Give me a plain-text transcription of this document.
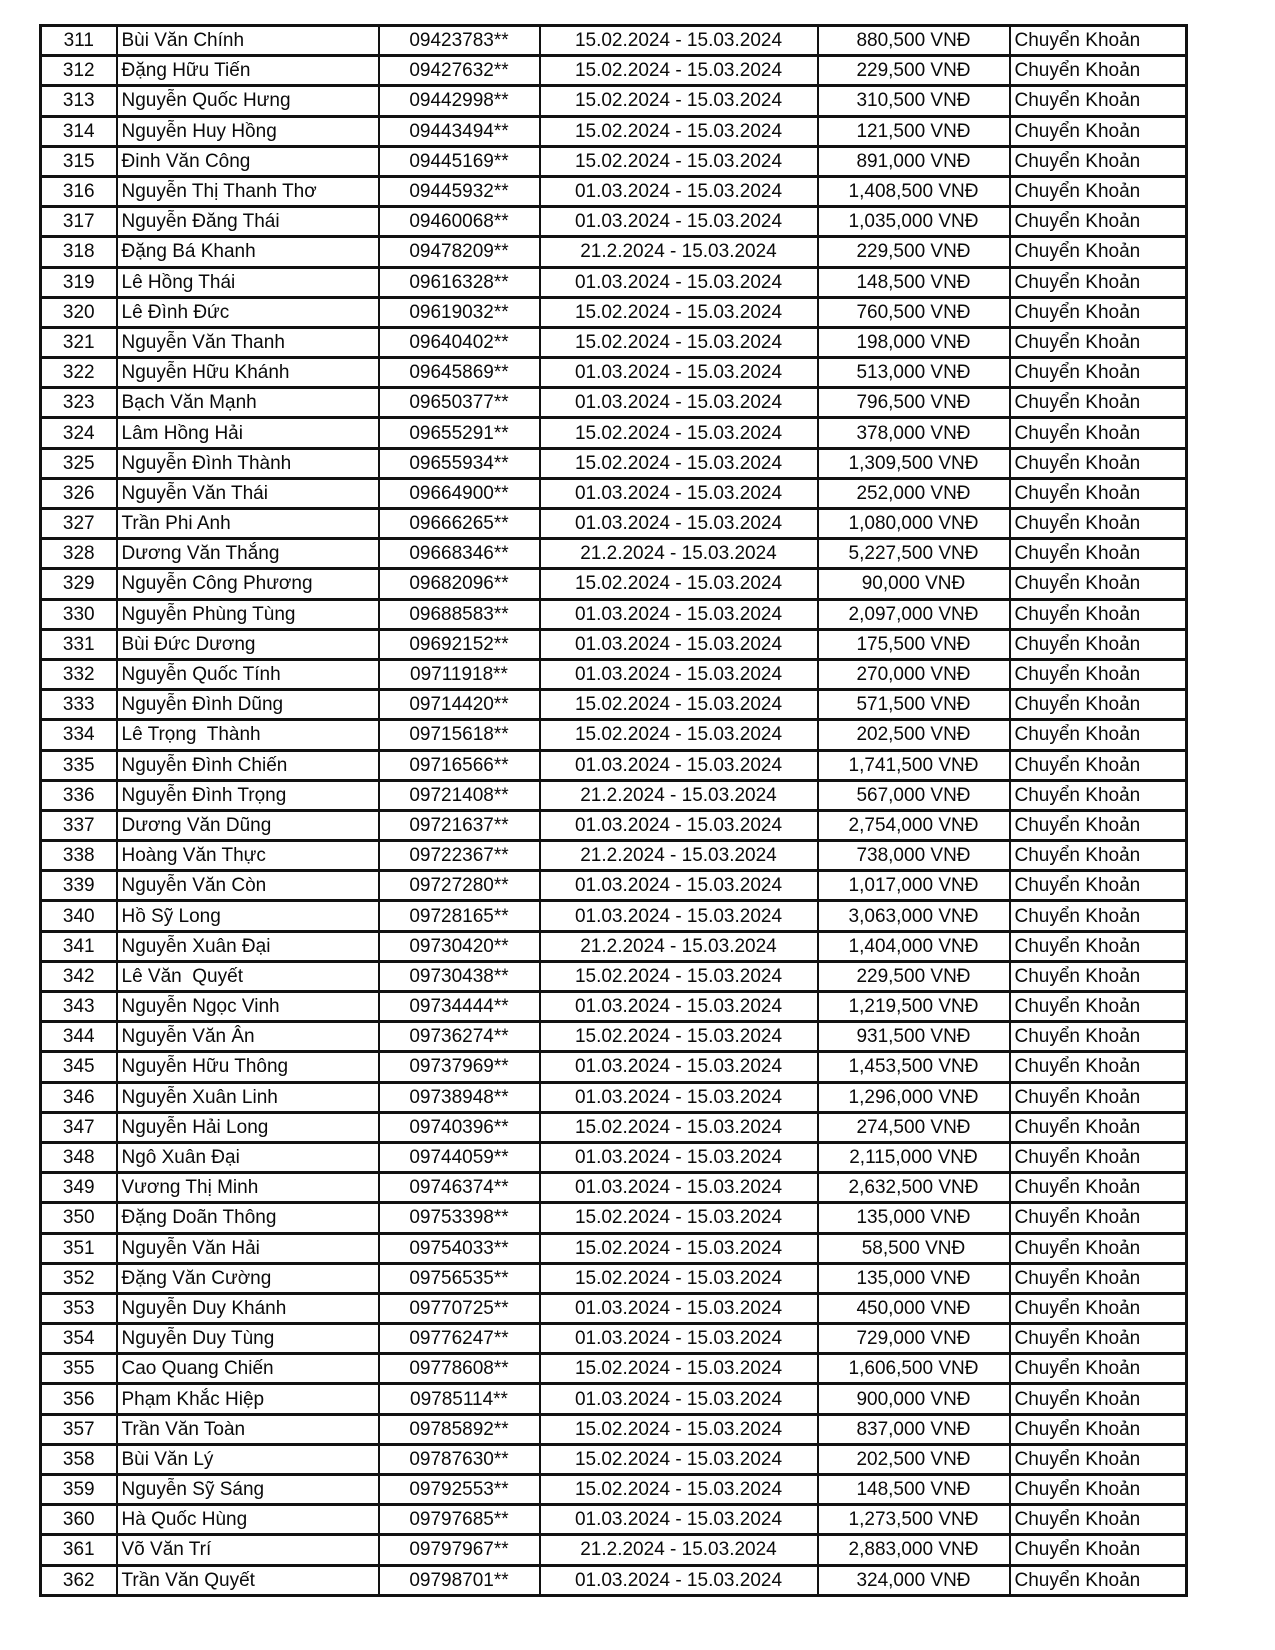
311	Bùi Văn Chính	09423783**	15.02.2024 - 15.03.2024	880,500 VNĐ	Chuyển Khoản
312	Đặng Hữu Tiến	09427632**	15.02.2024 - 15.03.2024	229,500 VNĐ	Chuyển Khoản
313	Nguyễn Quốc Hưng	09442998**	15.02.2024 - 15.03.2024	310,500 VNĐ	Chuyển Khoản
314	Nguyễn Huy Hồng	09443494**	15.02.2024 - 15.03.2024	121,500 VNĐ	Chuyển Khoản
315	Đinh Văn Công	09445169**	15.02.2024 - 15.03.2024	891,000 VNĐ	Chuyển Khoản
316	Nguyễn Thị Thanh Thơ	09445932**	01.03.2024 - 15.03.2024	1,408,500 VNĐ	Chuyển Khoản
317	Nguyễn Đăng Thái	09460068**	01.03.2024 - 15.03.2024	1,035,000 VNĐ	Chuyển Khoản
318	Đặng Bá Khanh	09478209**	21.2.2024 - 15.03.2024	229,500 VNĐ	Chuyển Khoản
319	Lê Hồng Thái	09616328**	01.03.2024 - 15.03.2024	148,500 VNĐ	Chuyển Khoản
320	Lê Đình Đức	09619032**	15.02.2024 - 15.03.2024	760,500 VNĐ	Chuyển Khoản
321	Nguyễn Văn Thanh	09640402**	15.02.2024 - 15.03.2024	198,000 VNĐ	Chuyển Khoản
322	Nguyễn Hữu Khánh	09645869**	01.03.2024 - 15.03.2024	513,000 VNĐ	Chuyển Khoản
323	Bạch Văn Mạnh	09650377**	01.03.2024 - 15.03.2024	796,500 VNĐ	Chuyển Khoản
324	Lâm Hồng Hải	09655291**	15.02.2024 - 15.03.2024	378,000 VNĐ	Chuyển Khoản
325	Nguyễn Đình Thành	09655934**	15.02.2024 - 15.03.2024	1,309,500 VNĐ	Chuyển Khoản
326	Nguyễn Văn Thái	09664900**	01.03.2024 - 15.03.2024	252,000 VNĐ	Chuyển Khoản
327	Trần Phi Anh	09666265**	01.03.2024 - 15.03.2024	1,080,000 VNĐ	Chuyển Khoản
328	Dương Văn Thắng	09668346**	21.2.2024 - 15.03.2024	5,227,500 VNĐ	Chuyển Khoản
329	Nguyễn Công Phương	09682096**	15.02.2024 - 15.03.2024	90,000 VNĐ	Chuyển Khoản
330	Nguyễn Phùng Tùng	09688583**	01.03.2024 - 15.03.2024	2,097,000 VNĐ	Chuyển Khoản
331	Bùi Đức Dương	09692152**	01.03.2024 - 15.03.2024	175,500 VNĐ	Chuyển Khoản
332	Nguyễn Quốc Tính	09711918**	01.03.2024 - 15.03.2024	270,000 VNĐ	Chuyển Khoản
333	Nguyễn Đình Dũng	09714420**	15.02.2024 - 15.03.2024	571,500 VNĐ	Chuyển Khoản
334	Lê Trọng  Thành	09715618**	15.02.2024 - 15.03.2024	202,500 VNĐ	Chuyển Khoản
335	Nguyễn Đình Chiến	09716566**	01.03.2024 - 15.03.2024	1,741,500 VNĐ	Chuyển Khoản
336	Nguyễn Đình Trọng	09721408**	21.2.2024 - 15.03.2024	567,000 VNĐ	Chuyển Khoản
337	Dương Văn Dũng	09721637**	01.03.2024 - 15.03.2024	2,754,000 VNĐ	Chuyển Khoản
338	Hoàng Văn Thực	09722367**	21.2.2024 - 15.03.2024	738,000 VNĐ	Chuyển Khoản
339	Nguyễn Văn Còn	09727280**	01.03.2024 - 15.03.2024	1,017,000 VNĐ	Chuyển Khoản
340	Hồ Sỹ Long	09728165**	01.03.2024 - 15.03.2024	3,063,000 VNĐ	Chuyển Khoản
341	Nguyễn Xuân Đại	09730420**	21.2.2024 - 15.03.2024	1,404,000 VNĐ	Chuyển Khoản
342	Lê Văn  Quyết	09730438**	15.02.2024 - 15.03.2024	229,500 VNĐ	Chuyển Khoản
343	Nguyễn Ngọc Vinh	09734444**	01.03.2024 - 15.03.2024	1,219,500 VNĐ	Chuyển Khoản
344	Nguyễn Văn Ân	09736274**	15.02.2024 - 15.03.2024	931,500 VNĐ	Chuyển Khoản
345	Nguyễn Hữu Thông	09737969**	01.03.2024 - 15.03.2024	1,453,500 VNĐ	Chuyển Khoản
346	Nguyễn Xuân Linh	09738948**	01.03.2024 - 15.03.2024	1,296,000 VNĐ	Chuyển Khoản
347	Nguyễn Hải Long	09740396**	15.02.2024 - 15.03.2024	274,500 VNĐ	Chuyển Khoản
348	Ngô Xuân Đại	09744059**	01.03.2024 - 15.03.2024	2,115,000 VNĐ	Chuyển Khoản
349	Vương Thị Minh	09746374**	01.03.2024 - 15.03.2024	2,632,500 VNĐ	Chuyển Khoản
350	Đặng Doãn Thông	09753398**	15.02.2024 - 15.03.2024	135,000 VNĐ	Chuyển Khoản
351	Nguyễn Văn Hải	09754033**	15.02.2024 - 15.03.2024	58,500 VNĐ	Chuyển Khoản
352	Đặng Văn Cường	09756535**	15.02.2024 - 15.03.2024	135,000 VNĐ	Chuyển Khoản
353	Nguyễn Duy Khánh	09770725**	01.03.2024 - 15.03.2024	450,000 VNĐ	Chuyển Khoản
354	Nguyễn Duy Tùng	09776247**	01.03.2024 - 15.03.2024	729,000 VNĐ	Chuyển Khoản
355	Cao Quang Chiến	09778608**	15.02.2024 - 15.03.2024	1,606,500 VNĐ	Chuyển Khoản
356	Phạm Khắc Hiệp	09785114**	01.03.2024 - 15.03.2024	900,000 VNĐ	Chuyển Khoản
357	Trần Văn Toàn	09785892**	15.02.2024 - 15.03.2024	837,000 VNĐ	Chuyển Khoản
358	Bùi Văn Lý	09787630**	15.02.2024 - 15.03.2024	202,500 VNĐ	Chuyển Khoản
359	Nguyễn Sỹ Sáng	09792553**	15.02.2024 - 15.03.2024	148,500 VNĐ	Chuyển Khoản
360	Hà Quốc Hùng	09797685**	01.03.2024 - 15.03.2024	1,273,500 VNĐ	Chuyển Khoản
361	Võ Văn Trí	09797967**	21.2.2024 - 15.03.2024	2,883,000 VNĐ	Chuyển Khoản
362	Trần Văn Quyết	09798701**	01.03.2024 - 15.03.2024	324,000 VNĐ	Chuyển Khoản
